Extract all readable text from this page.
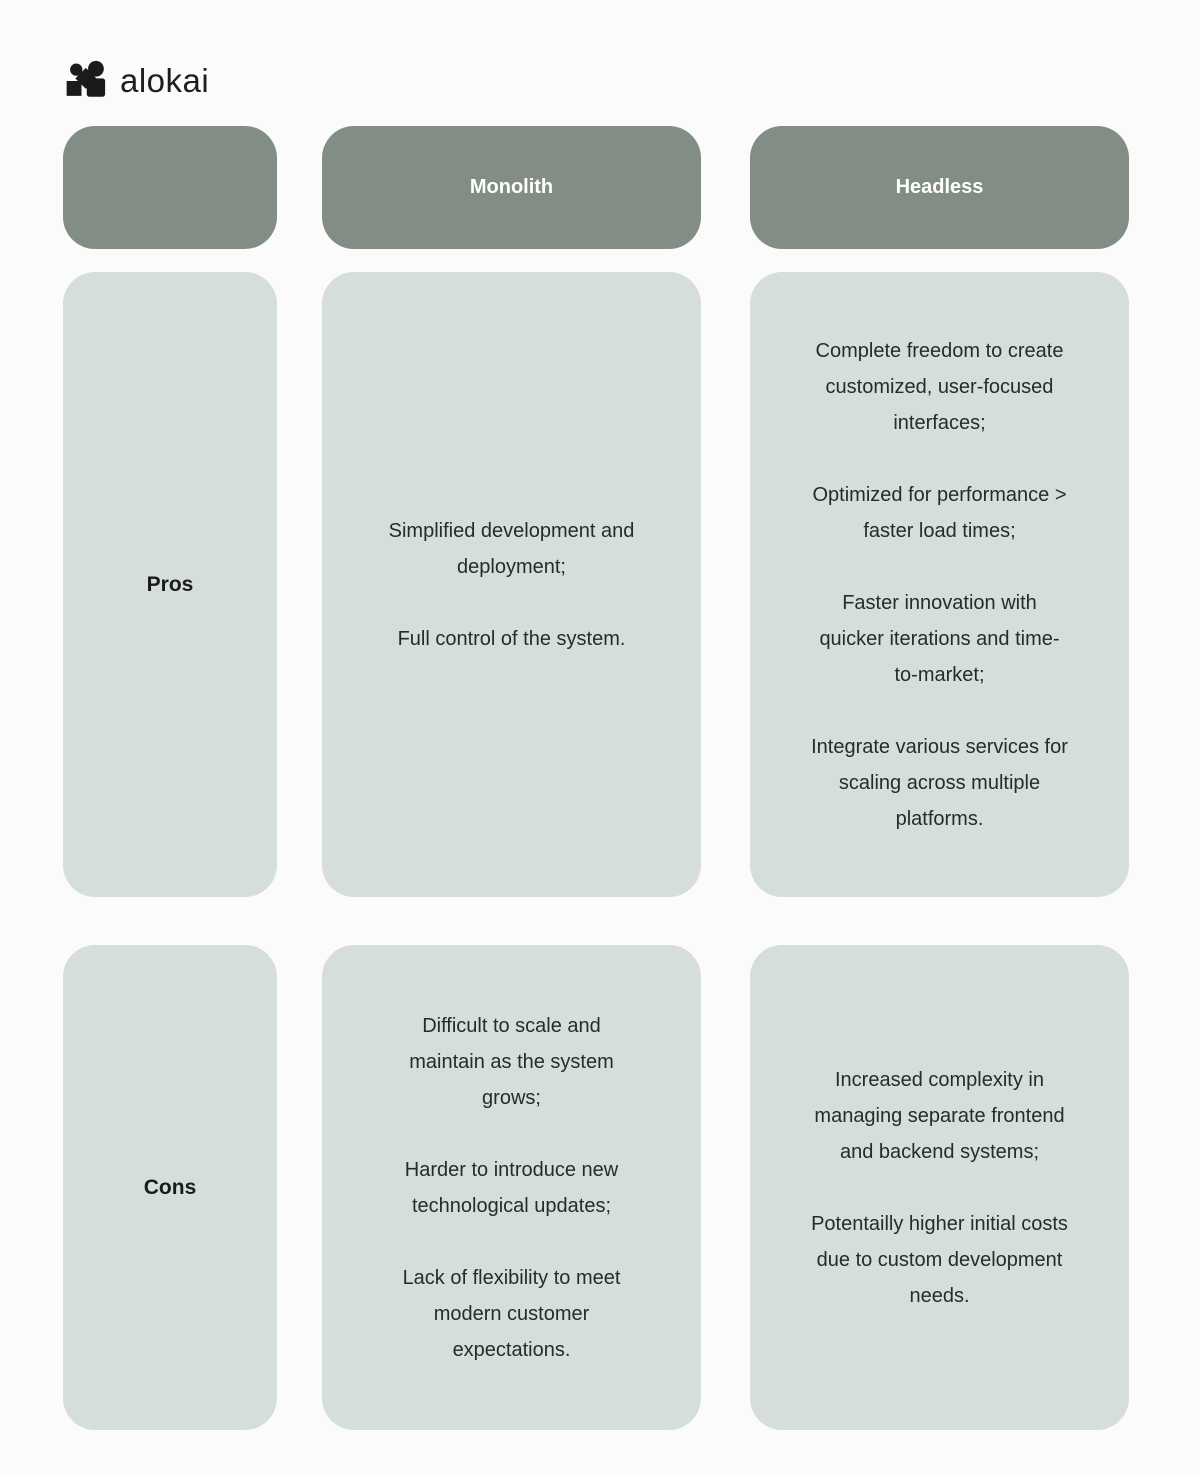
alokai
Monolith	Headless
Pros

Simplified development and deployment;

Full control of the system.

Complete freedom to create customized, user-focused interfaces;

Optimized for performance > faster load times;

Faster innovation with quicker iterations and time-to-market;

Integrate various services for scaling across multiple platforms.

Cons

Difficult to scale and maintain as the system grows;

Harder to introduce new technological updates;

Lack of flexibility to meet modern customer expectations.

Increased complexity in managing separate frontend and backend systems;

Potentailly higher initial costs due to custom development needs.
